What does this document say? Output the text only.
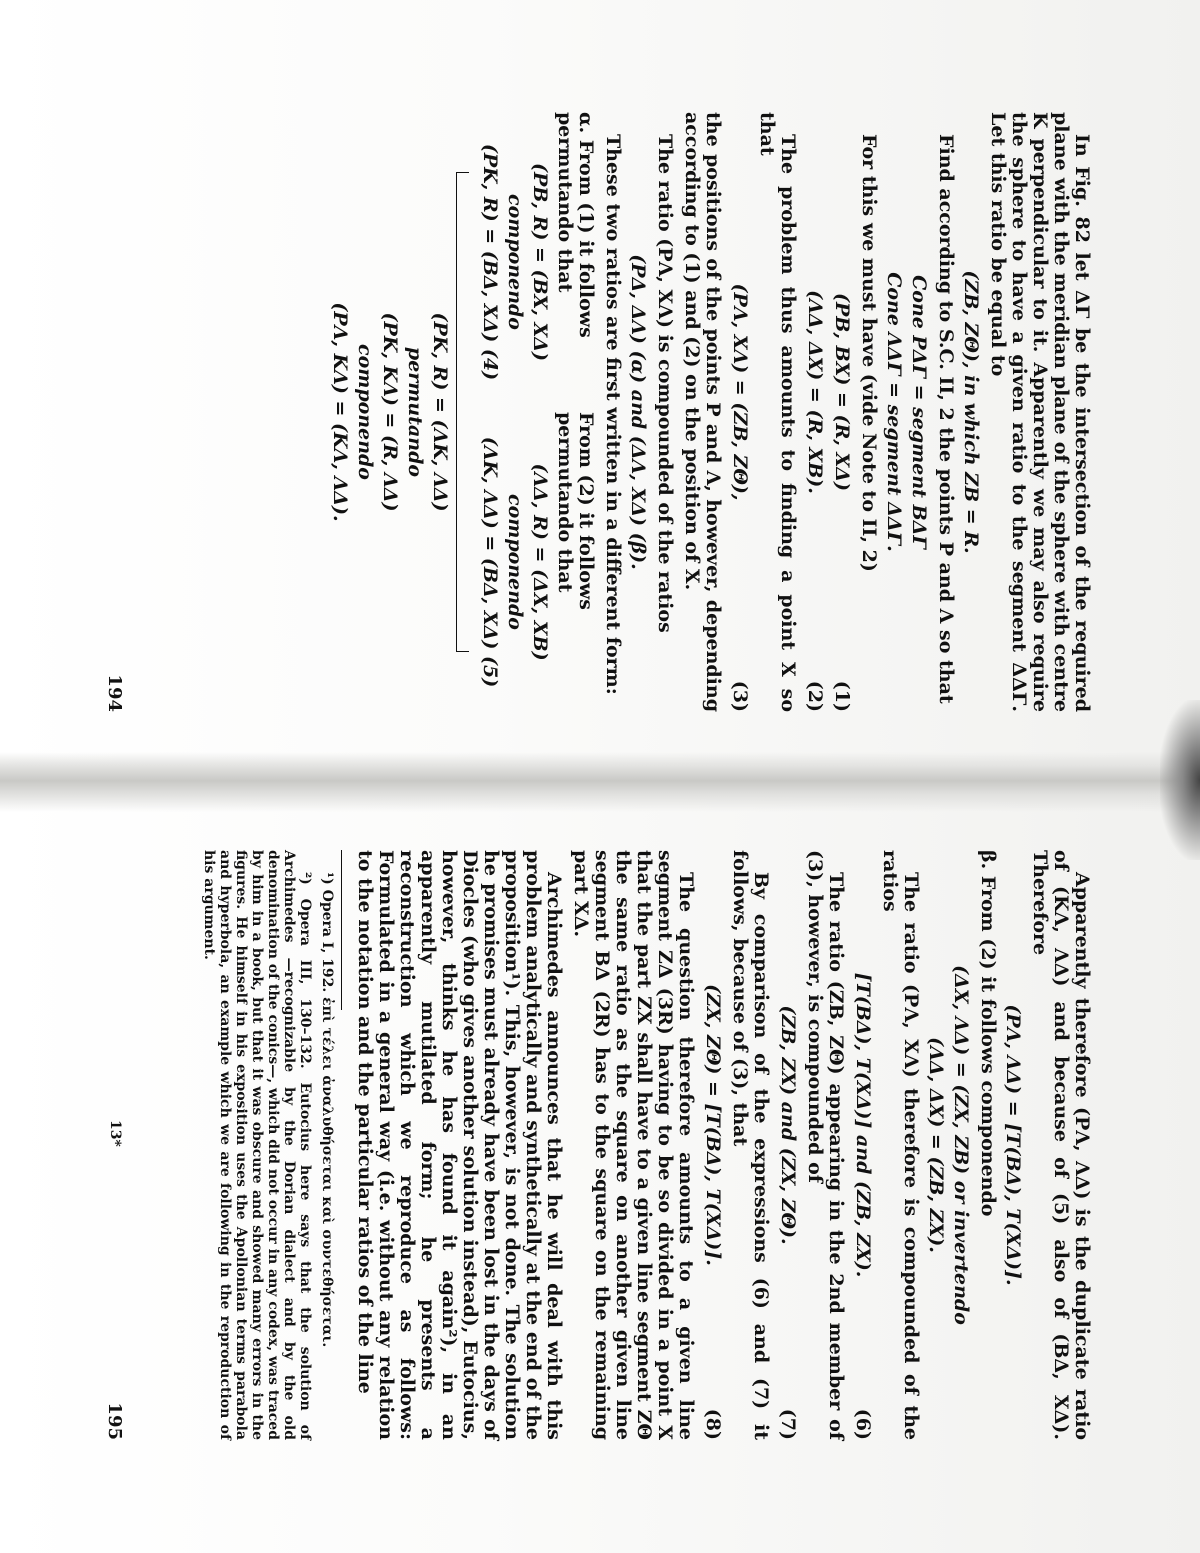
In Fig. 82 let ΔΓ be the intersection of the required plane with the meridian plane of the sphere with centre K perpendicular to it. Apparently we may also require the sphere to have a given ratio to the segment ΔΔΓ. Let this ratio be equal to

(ZB, ZΘ), in which ZB = R.

Find according to S.C. II, 2 the points P and Λ so that

Cone PΔΓ = segment BΔΓ
Cone ΛΔΓ = segment ΔΔΓ.

For this we must have (vide Note to II, 2)

(PB, BX) = (R, XΔ)
(1)
(ΛΔ, ΔX) = (R, XB).
(2)

The problem thus amounts to finding a point X so that

(PΛ, XΛ) = (ZB, ZΘ),
(3)

the positions of the points P and Λ, however, depending according to (1) and (2) on the position of X.

The ratio (PΛ, XΛ) is compounded of the ratios

(PΔ, ΔΛ) (α) and (ΔΛ, XΔ) (β).

These two ratios are first written in a different form:

α. From (1) it follows permutando that
(PB, R) = (BX, XΔ)
componendo
(PK, R) = (BΔ, XΔ) (4)
From (2) it follows permutando that
(ΛΔ, R) = (ΔX, XB)
componendo
(ΛK, ΛΔ) = (BΔ, XΔ) (5)
(PK, R) = (ΛK, ΛΔ)
permutando
(PK, KΛ) = (R, ΛΔ)
componendo
(PΛ, KΛ) = (KΛ, ΛΔ).
194

Apparently therefore (PΛ, ΛΔ) is the duplicate ratio of (KΛ, ΛΔ) and because of (5) also of (BΔ, XΔ). Therefore

(PΛ, ΛΔ) = [T(BΔ), T(XΔ)].

β. From (2) it follows componendo

(ΔX, ΛΔ) = (ZX, ZB) or invertendo
(ΛΔ, ΔX) = (ZB, ZX).

The ratio (PΛ, XΛ) therefore is compounded of the ratios

[T(BΔ), T(XΔ)] and (ZB, ZX).
(6)

The ratio (ZB, ZΘ) appearing in the 2nd member of (3), however, is compounded of

(ZB, ZX) and (ZX, ZΘ).
(7)

By comparison of the expressions (6) and (7) it follows, because of (3), that

(ZX, ZΘ) = [T(BΔ), T(XΔ)].
(8)

The question therefore amounts to a given line segment ZΔ (3R) having to be so divided in a point X that the part ZX shall have to a given line segment ZΘ the same ratio as the square on another given line segment BΔ (2R) has to the square on the remaining part XΔ.

Archimedes announces that he will deal with this problem analytically and synthetically at the end of the proposition¹). This, however, is not done. The solution he promises must already have been lost in the days of Diocles (who gives another solution instead), Eutocius, however, thinks he has found it again²), in an apparently mutilated form; he presents a reconstruction which we reproduce as follows: Formulated in a general way (i.e. without any relation to the notation and the particular ratios of the line

¹) Opera I, 192. ἐπὶ τέλει ἀναλυθήσεται καὶ συντεθήσεται.

²) Opera III, 130–132. Eutocius here says that the solution of Archimedes —recognizable by the Dorian dialect and by the old denomination of the conics—, which did not occur in any codex, was traced by him in a book, but that it was obscure and showed many errors in the figures. He himself in his exposition uses the Apollonian terms parabola and hyperbola, an example which we are following in the reproduction of his argument.

13*
195
